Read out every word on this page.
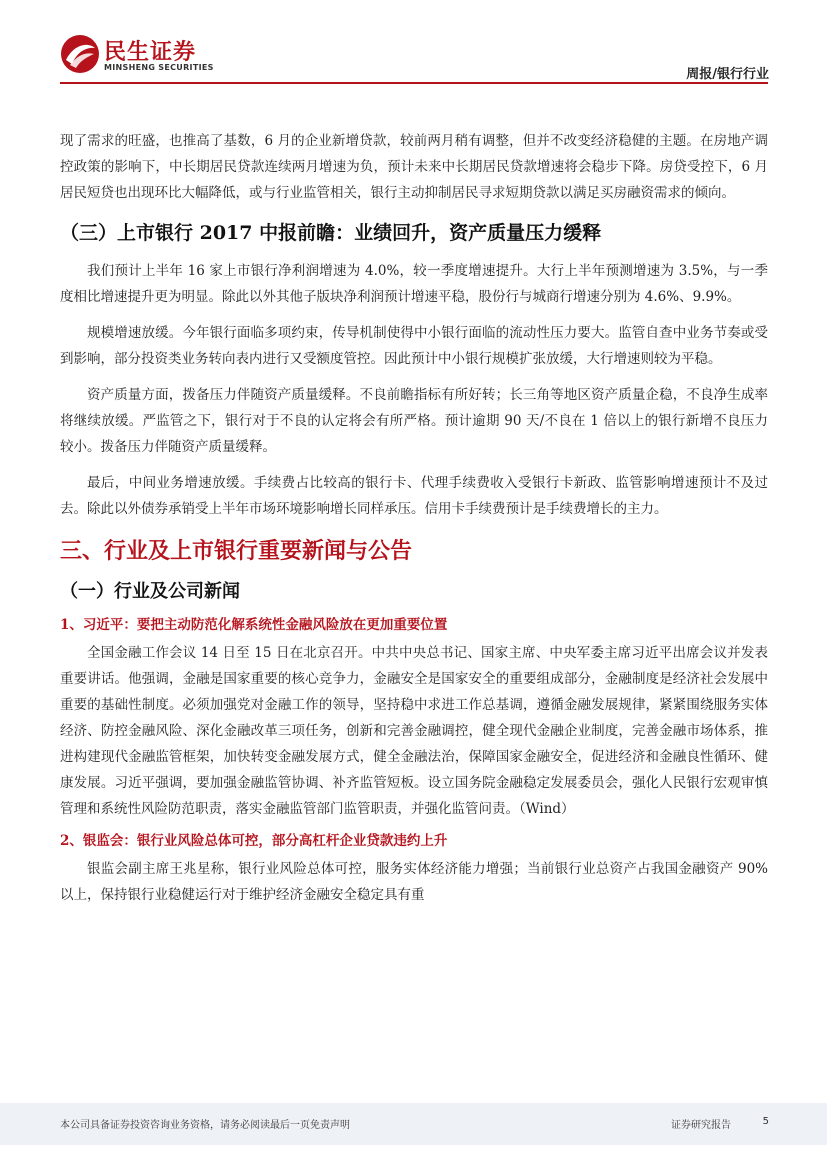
民生证券
MINSHENG SECURITIES	周报/银行行业

现了需求的旺盛，也推高了基数，6 月的企业新增贷款，较前两月稍有调整，但并不改变经济稳健的主题。在房地产调控政策的影响下，中长期居民贷款连续两月增速为负，预计未来中长期居民贷款增速将会稳步下降。房贷受控下，6 月居民短贷也出现环比大幅降低，或与行业监管相关，银行主动抑制居民寻求短期贷款以满足买房融资需求的倾向。

（三）上市银行 2017 中报前瞻：业绩回升，资产质量压力缓释

我们预计上半年 16 家上市银行净利润增速为 4.0%，较一季度增速提升。大行上半年预测增速为 3.5%，与一季度相比增速提升更为明显。除此以外其他子版块净利润预计增速平稳，股份行与城商行增速分别为 4.6%、9.9%。

规模增速放缓。今年银行面临多项约束，传导机制使得中小银行面临的流动性压力要大。监管自查中业务节奏或受到影响，部分投资类业务转向表内进行又受额度管控。因此预计中小银行规模扩张放缓，大行增速则较为平稳。

资产质量方面，拨备压力伴随资产质量缓释。不良前瞻指标有所好转；长三角等地区资产质量企稳，不良净生成率将继续放缓。严监管之下，银行对于不良的认定将会有所严格。预计逾期 90 天/不良在 1 倍以上的银行新增不良压力较小。拨备压力伴随资产质量缓释。

最后，中间业务增速放缓。手续费占比较高的银行卡、代理手续费收入受银行卡新政、监管影响增速预计不及过去。除此以外债券承销受上半年市场环境影响增长同样承压。信用卡手续费预计是手续费增长的主力。

三、行业及上市银行重要新闻与公告
（一）行业及公司新闻
1、习近平：要把主动防范化解系统性金融风险放在更加重要位置

全国金融工作会议 14 日至 15 日在北京召开。中共中央总书记、国家主席、中央军委主席习近平出席会议并发表重要讲话。他强调，金融是国家重要的核心竞争力，金融安全是国家安全的重要组成部分，金融制度是经济社会发展中重要的基础性制度。必须加强党对金融工作的领导，坚持稳中求进工作总基调，遵循金融发展规律，紧紧围绕服务实体经济、防控金融风险、深化金融改革三项任务，创新和完善金融调控，健全现代金融企业制度，完善金融市场体系，推进构建现代金融监管框架，加快转变金融发展方式，健全金融法治，保障国家金融安全，促进经济和金融良性循环、健康发展。习近平强调，要加强金融监管协调、补齐监管短板。设立国务院金融稳定发展委员会，强化人民银行宏观审慎管理和系统性风险防范职责，落实金融监管部门监管职责，并强化监管问责。（Wind）

2、银监会：银行业风险总体可控，部分高杠杆企业贷款违约上升

银监会副主席王兆星称，银行业风险总体可控，服务实体经济能力增强；当前银行业总资产占我国金融资产 90%以上，保持银行业稳健运行对于维护经济金融安全稳定具有重

本公司具备证券投资咨询业务资格，请务必阅读最后一页免责声明	证券研究报告	5
